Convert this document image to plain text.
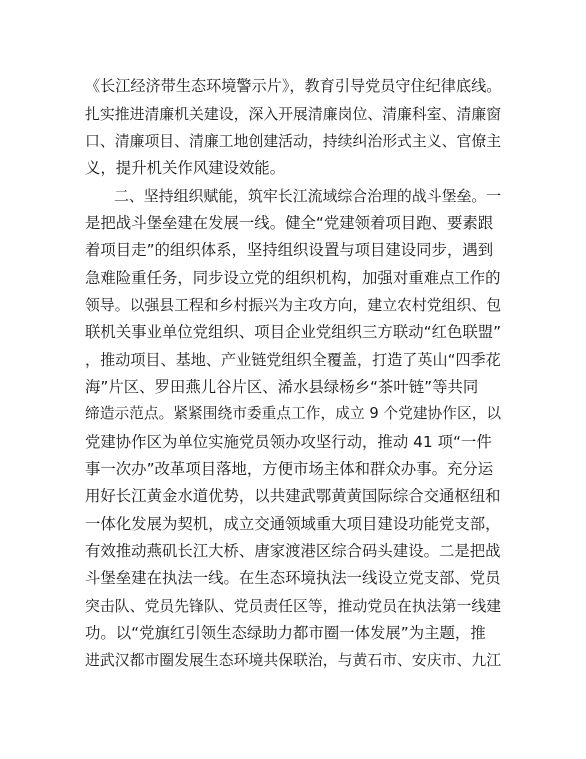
《长江经济带生态环境警示片》，教育引导党员守住纪律底线。
扎实推进清廉机关建设，深入开展清廉岗位、清廉科室、清廉窗
口、清廉项目、清廉工地创建活动，持续纠治形式主义、官僚主
义，提升机关作风建设效能。
二、坚持组织赋能，筑牢长江流域综合治理的战斗堡垒。一
是把战斗堡垒建在发展一线。健全“党建领着项目跑、要素跟
着项目走”的组织体系，坚持组织设置与项目建设同步，遇到
急难险重任务，同步设立党的组织机构，加强对重难点工作的
领导。以强县工程和乡村振兴为主攻方向，建立农村党组织、包
联机关事业单位党组织、项目企业党组织三方联动“红色联盟”
，推动项目、基地、产业链党组织全覆盖，打造了英山“四季花
海”片区、罗田燕儿谷片区、浠水县绿杨乡“茶叶链”等共同
缔造示范点。紧紧围绕市委重点工作，成立 9 个党建协作区，以
党建协作区为单位实施党员领办攻坚行动，推动 41 项“一件
事一次办”改革项目落地，方便市场主体和群众办事。充分运
用好长江黄金水道优势，以共建武鄂黄黄国际综合交通枢纽和
一体化发展为契机，成立交通领域重大项目建设功能党支部，
有效推动燕矶长江大桥、唐家渡港区综合码头建设。二是把战
斗堡垒建在执法一线。在生态环境执法一线设立党支部、党员
突击队、党员先锋队、党员责任区等，推动党员在执法第一线建
功。以“党旗红引领生态绿助力都市圈一体发展”为主题，推
进武汉都市圈发展生态环境共保联治，与黄石市、安庆市、九江
